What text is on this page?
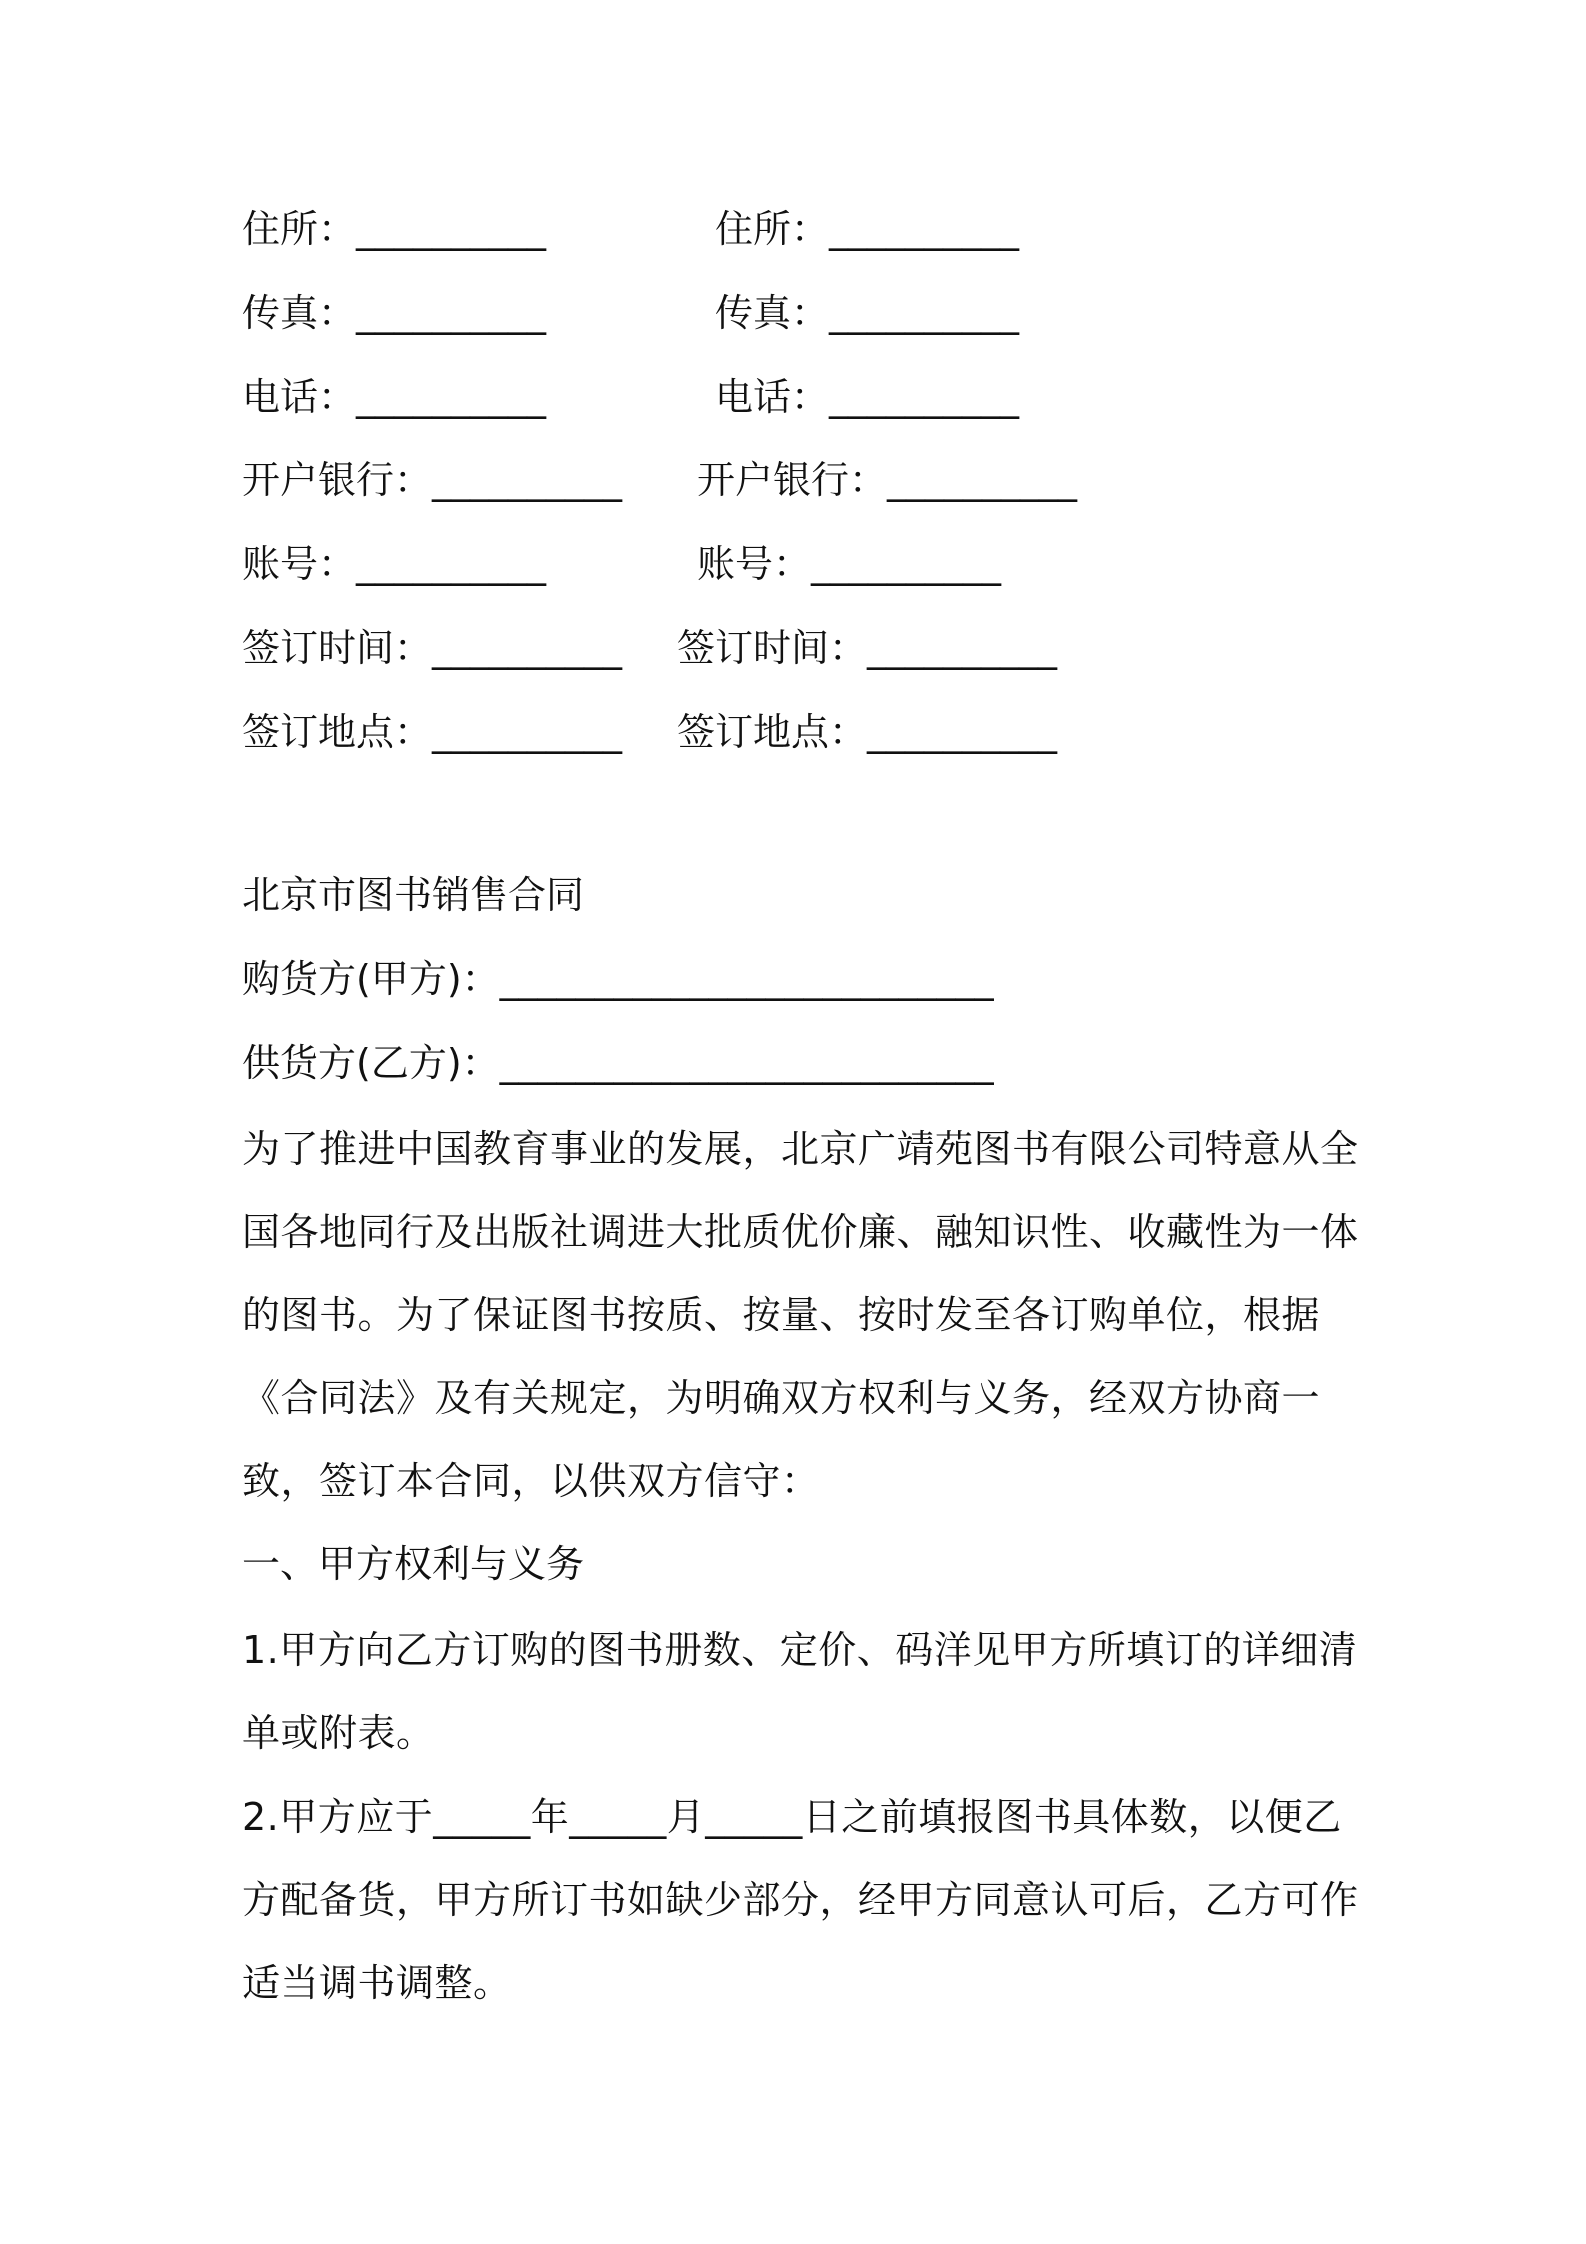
住所：__________	住所：__________

传真：__________	传真：__________

电话：__________	电话：__________

开户银行：__________ 开户银行：__________

账号：__________	账号：__________

签订时间：__________ 签订时间：__________

签订地点：__________ 签订地点：__________

北京市图书销售合同

购货方(甲方)：__________________________

供货方(乙方)：__________________________

为了推进中国教育事业的发展，北京广靖苑图书有限公司特意从全国各地同行及出版社调进大批质优价廉、融知识性、收藏性为一体的图书。为了保证图书按质、按量、按时发至各订购单位，根据《合同法》及有关规定，为明确双方权利与义务，经双方协商一致，签订本合同，以供双方信守：

一、甲方权利与义务

1.甲方向乙方订购的图书册数、定价、码洋见甲方所填订的详细清单或附表。

2.甲方应于_____年_____月_____日之前填报图书具体数，以便乙方配备货，甲方所订书如缺少部分，经甲方同意认可后，乙方可作适当调书调整。
